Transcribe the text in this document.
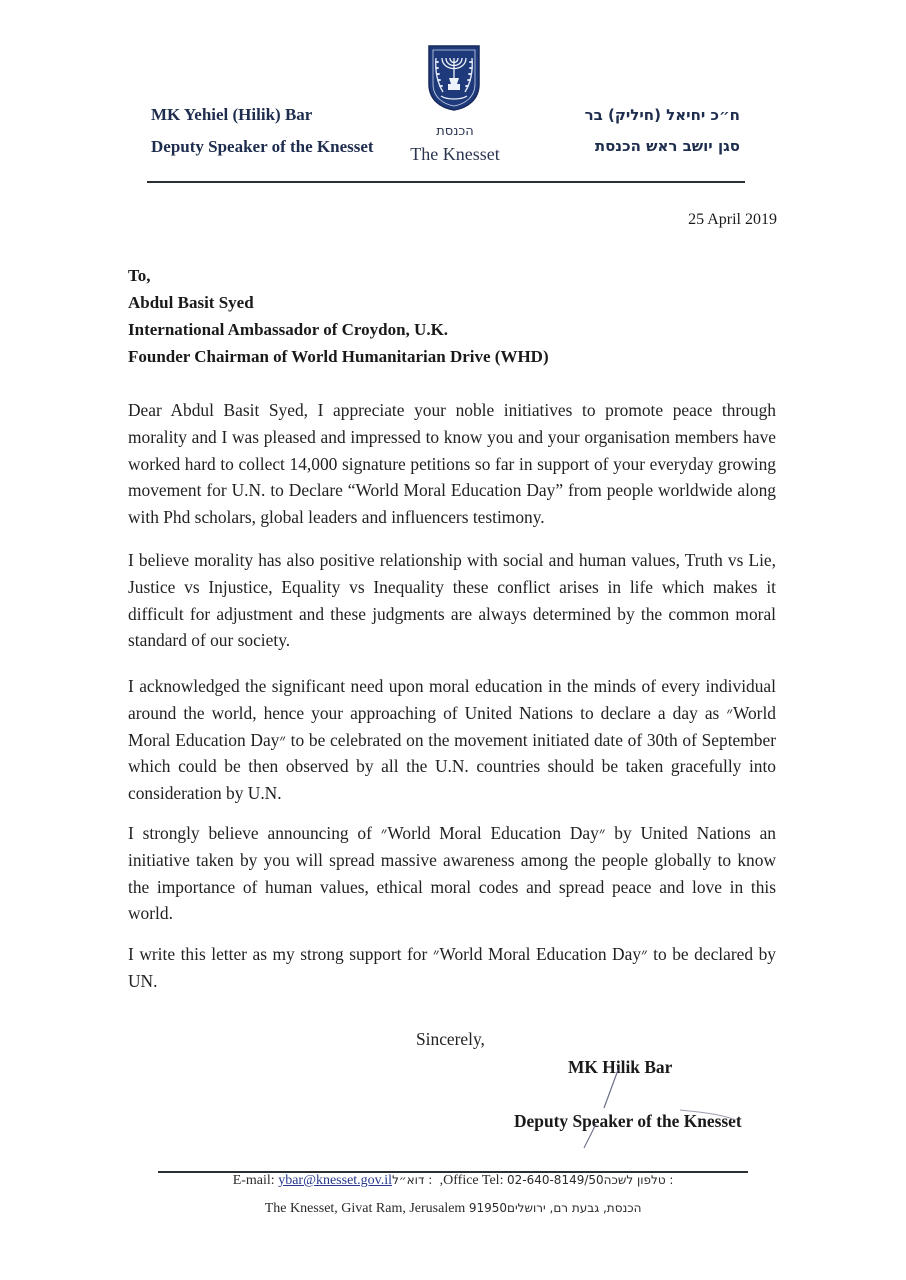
MK Yehiel (Hilik) Bar
Deputy Speaker of the Knesset
הכנסת
The Knesset
ח״כ יחיאל (חיליק) בר
סגן יושב ראש הכנסת
25 April 2019
To,
Abdul Basit Syed
International Ambassador of Croydon, U.K.
Founder Chairman of World Humanitarian Drive (WHD)
Dear Abdul Basit Syed, I appreciate your noble initiatives to promote peace through morality and I was pleased and impressed to know you and your organisation members have worked hard to collect 14,000 signature petitions so far in support of your everyday growing movement for U.N. to Declare “World Moral Education Day” from people worldwide along with Phd scholars, global leaders and influencers testimony.
I believe morality has also positive relationship with social and human values, Truth vs Lie, Justice vs Injustice, Equality vs Inequality these conflict arises in life which makes it difficult for adjustment and these judgments are always determined by the common moral standard of our society.
I acknowledged the significant need upon moral education in the minds of every individual around the world, hence your approaching of United Nations to declare a day as ״World Moral Education Day״ to be celebrated on the movement initiated date of 30th of September which could be then observed by all the U.N. countries should be taken gracefully into consideration by U.N.
I strongly believe announcing of ״World Moral Education Day״ by United Nations an initiative taken by you will spread massive awareness among the people globally to know the importance of human values, ethical moral codes and spread peace and love in this world.
I write this letter as my strong support for ״World Moral Education Day״ to be declared by UN.
Sincerely,
MK Hilik Bar
Deputy Speaker of the Knesset
E-mail: ybar@knesset.gov.il : דוא״ל ,Office Tel: 02-640-8149/50 : טלפון לשכה
The Knesset, Givat Ram, Jerusalem 91950 הכנסת, גבעת רם, ירושלים
